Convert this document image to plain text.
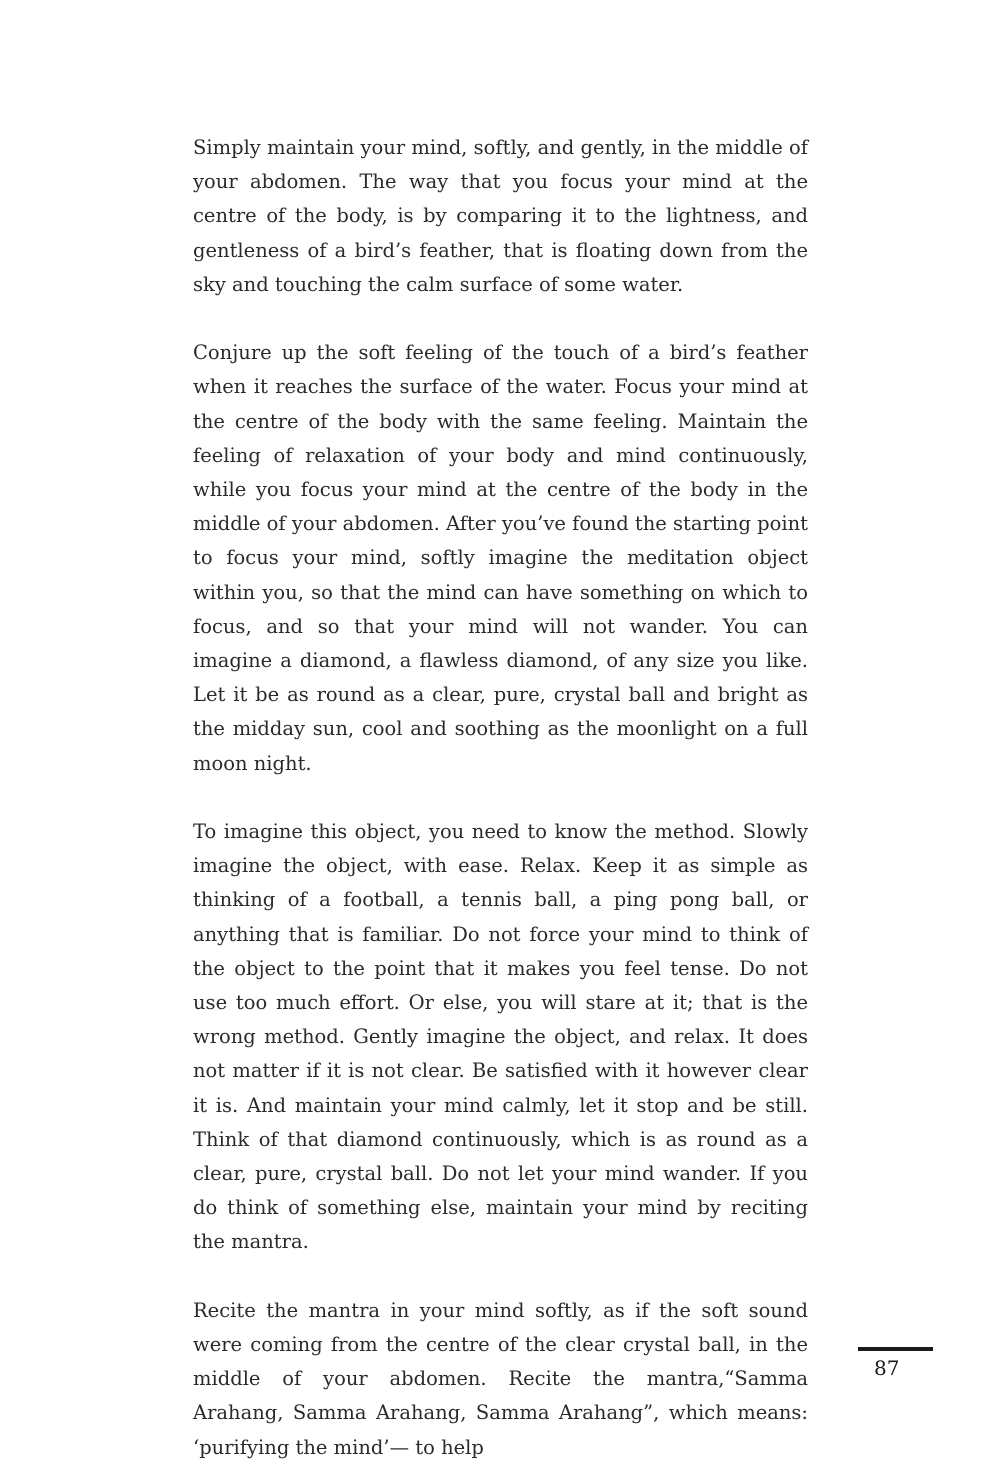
Simply maintain your mind, softly, and gently, in the middle of your abdomen. The way that you focus your mind at the centre of the body, is by comparing it to the lightness, and gentleness of a bird’s feather, that is floating down from the sky and touching the calm surface of some water.

Conjure up the soft feeling of the touch of a bird’s feather when it reaches the surface of the water. Focus your mind at the centre of the body with the same feeling. Maintain the feeling of relaxation of your body and mind continuously, while you focus your mind at the centre of the body in the middle of your abdomen. After you’ve found the starting point to focus your mind, softly imagine the meditation object within you, so that the mind can have something on which to focus, and so that your mind will not wander. You can imagine a diamond, a flawless diamond, of any size you like. Let it be as round as a clear, pure, crystal ball and bright as the midday sun, cool and soothing as the moonlight on a full moon night.

To imagine this object, you need to know the method. Slowly imagine the object, with ease. Relax. Keep it as simple as thinking of a football, a tennis ball, a ping pong ball, or anything that is familiar. Do not force your mind to think of the object to the point that it makes you feel tense. Do not use too much effort. Or else, you will stare at it; that is the wrong method. Gently imagine the object, and relax. It does not matter if it is not clear. Be satisfied with it however clear it is. And maintain your mind calmly, let it stop and be still. Think of that diamond continuously, which is as round as a clear, pure, crystal ball. Do not let your mind wander. If you do think of something else, maintain your mind by reciting the mantra.

Recite the mantra in your mind softly, as if the soft sound were coming from the centre of the clear crystal ball, in the middle of your abdomen. Recite the mantra,“Samma Arahang, Samma Arahang, Samma Arahang”, which means: ‘purifying the mind’— to help

87
